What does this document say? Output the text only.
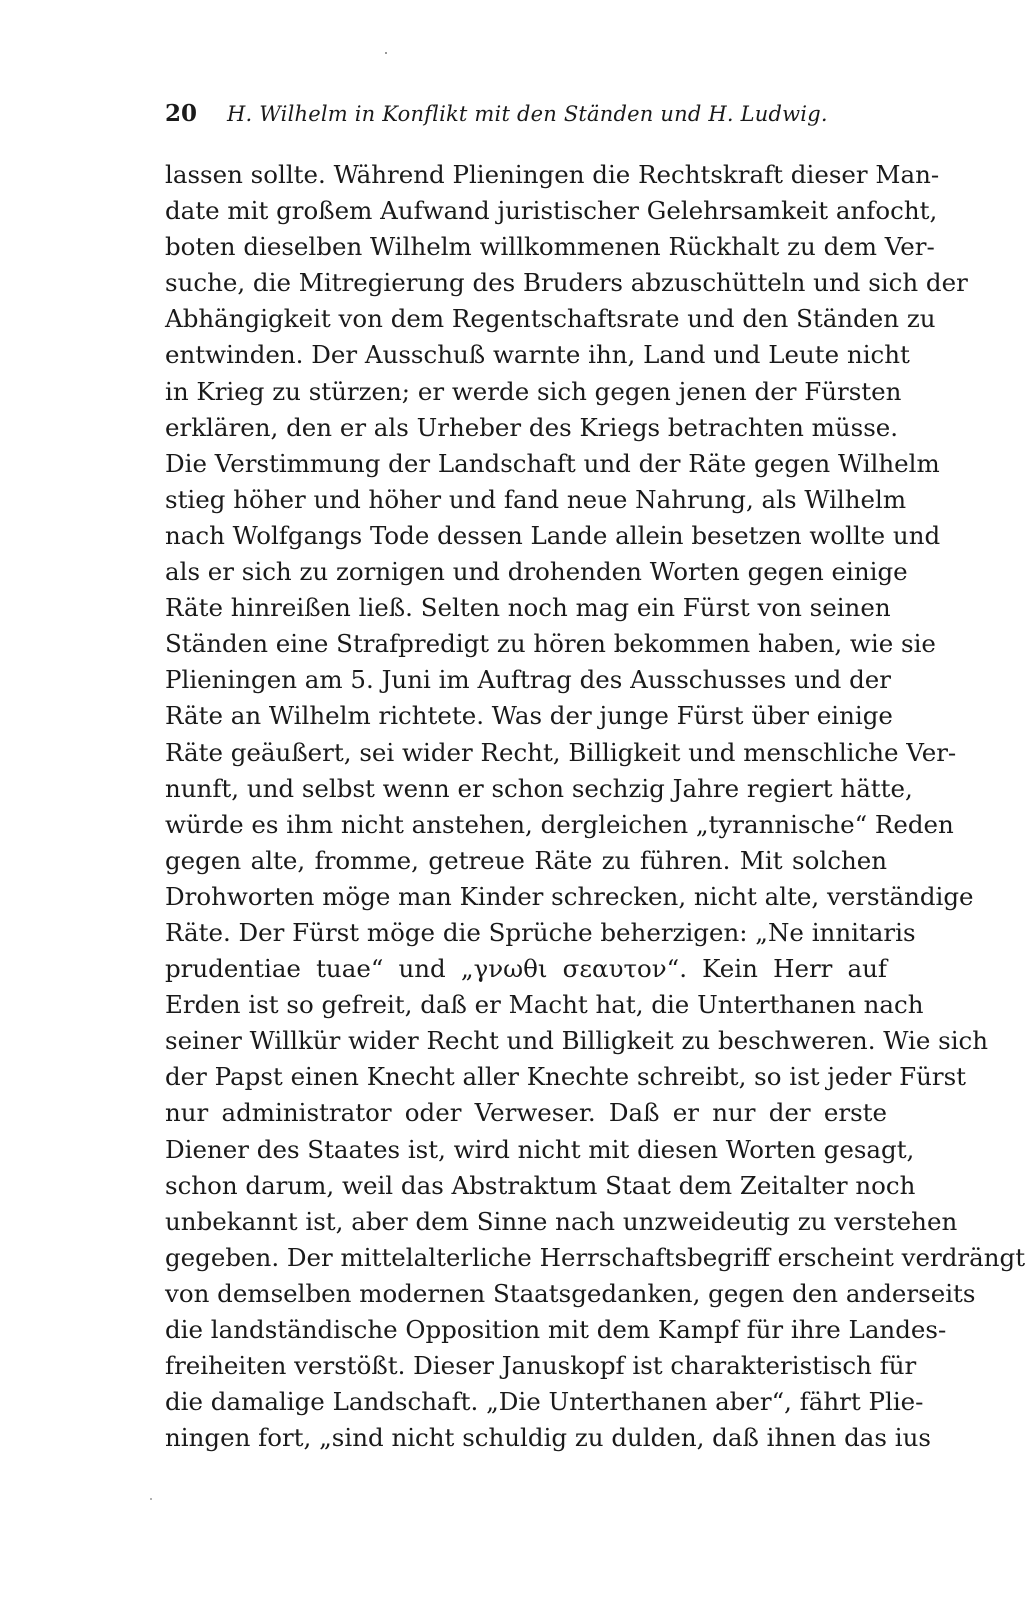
20	H. Wilhelm in Konflikt mit den Ständen und H. Ludwig.
lassen sollte. Während Plieningen die Rechtskraft dieser Man-
date mit großem Aufwand juristischer Gelehrsamkeit anfocht,
boten dieselben Wilhelm willkommenen Rückhalt zu dem Ver-
suche, die Mitregierung des Bruders abzuschütteln und sich der
Abhängigkeit von dem Regentschaftsrate und den Ständen zu
entwinden. Der Ausschuß warnte ihn, Land und Leute nicht
in Krieg zu stürzen; er werde sich gegen jenen der Fürsten
erklären, den er als Urheber des Kriegs betrachten müsse.
Die Verstimmung der Landschaft und der Räte gegen Wilhelm
stieg höher und höher und fand neue Nahrung, als Wilhelm
nach Wolfgangs Tode dessen Lande allein besetzen wollte und
als er sich zu zornigen und drohenden Worten gegen einige
Räte hinreißen ließ. Selten noch mag ein Fürst von seinen
Ständen eine Strafpredigt zu hören bekommen haben, wie sie
Plieningen am 5. Juni im Auftrag des Ausschusses und der
Räte an Wilhelm richtete. Was der junge Fürst über einige
Räte geäußert, sei wider Recht, Billigkeit und menschliche Ver-
nunft, und selbst wenn er schon sechzig Jahre regiert hätte,
würde es ihm nicht anstehen, dergleichen „tyrannische“ Reden
gegen alte, fromme, getreue Räte zu führen. Mit solchen
Drohworten möge man Kinder schrecken, nicht alte, verständige
Räte. Der Fürst möge die Sprüche beherzigen: „Ne innitaris
prudentiae tuae“ und „γνωθι σεαυτον“. Kein Herr auf
Erden ist so gefreit, daß er Macht hat, die Unterthanen nach
seiner Willkür wider Recht und Billigkeit zu beschweren. Wie sich
der Papst einen Knecht aller Knechte schreibt, so ist jeder Fürst
nur administrator oder Verweser. Daß er nur der erste
Diener des Staates ist, wird nicht mit diesen Worten gesagt,
schon darum, weil das Abstraktum Staat dem Zeitalter noch
unbekannt ist, aber dem Sinne nach unzweideutig zu verstehen
gegeben. Der mittelalterliche Herrschaftsbegriff erscheint verdrängt
von demselben modernen Staatsgedanken, gegen den anderseits
die landständische Opposition mit dem Kampf für ihre Landes-
freiheiten verstößt. Dieser Januskopf ist charakteristisch für
die damalige Landschaft. „Die Unterthanen aber“, fährt Plie-
ningen fort, „sind nicht schuldig zu dulden, daß ihnen das ius
